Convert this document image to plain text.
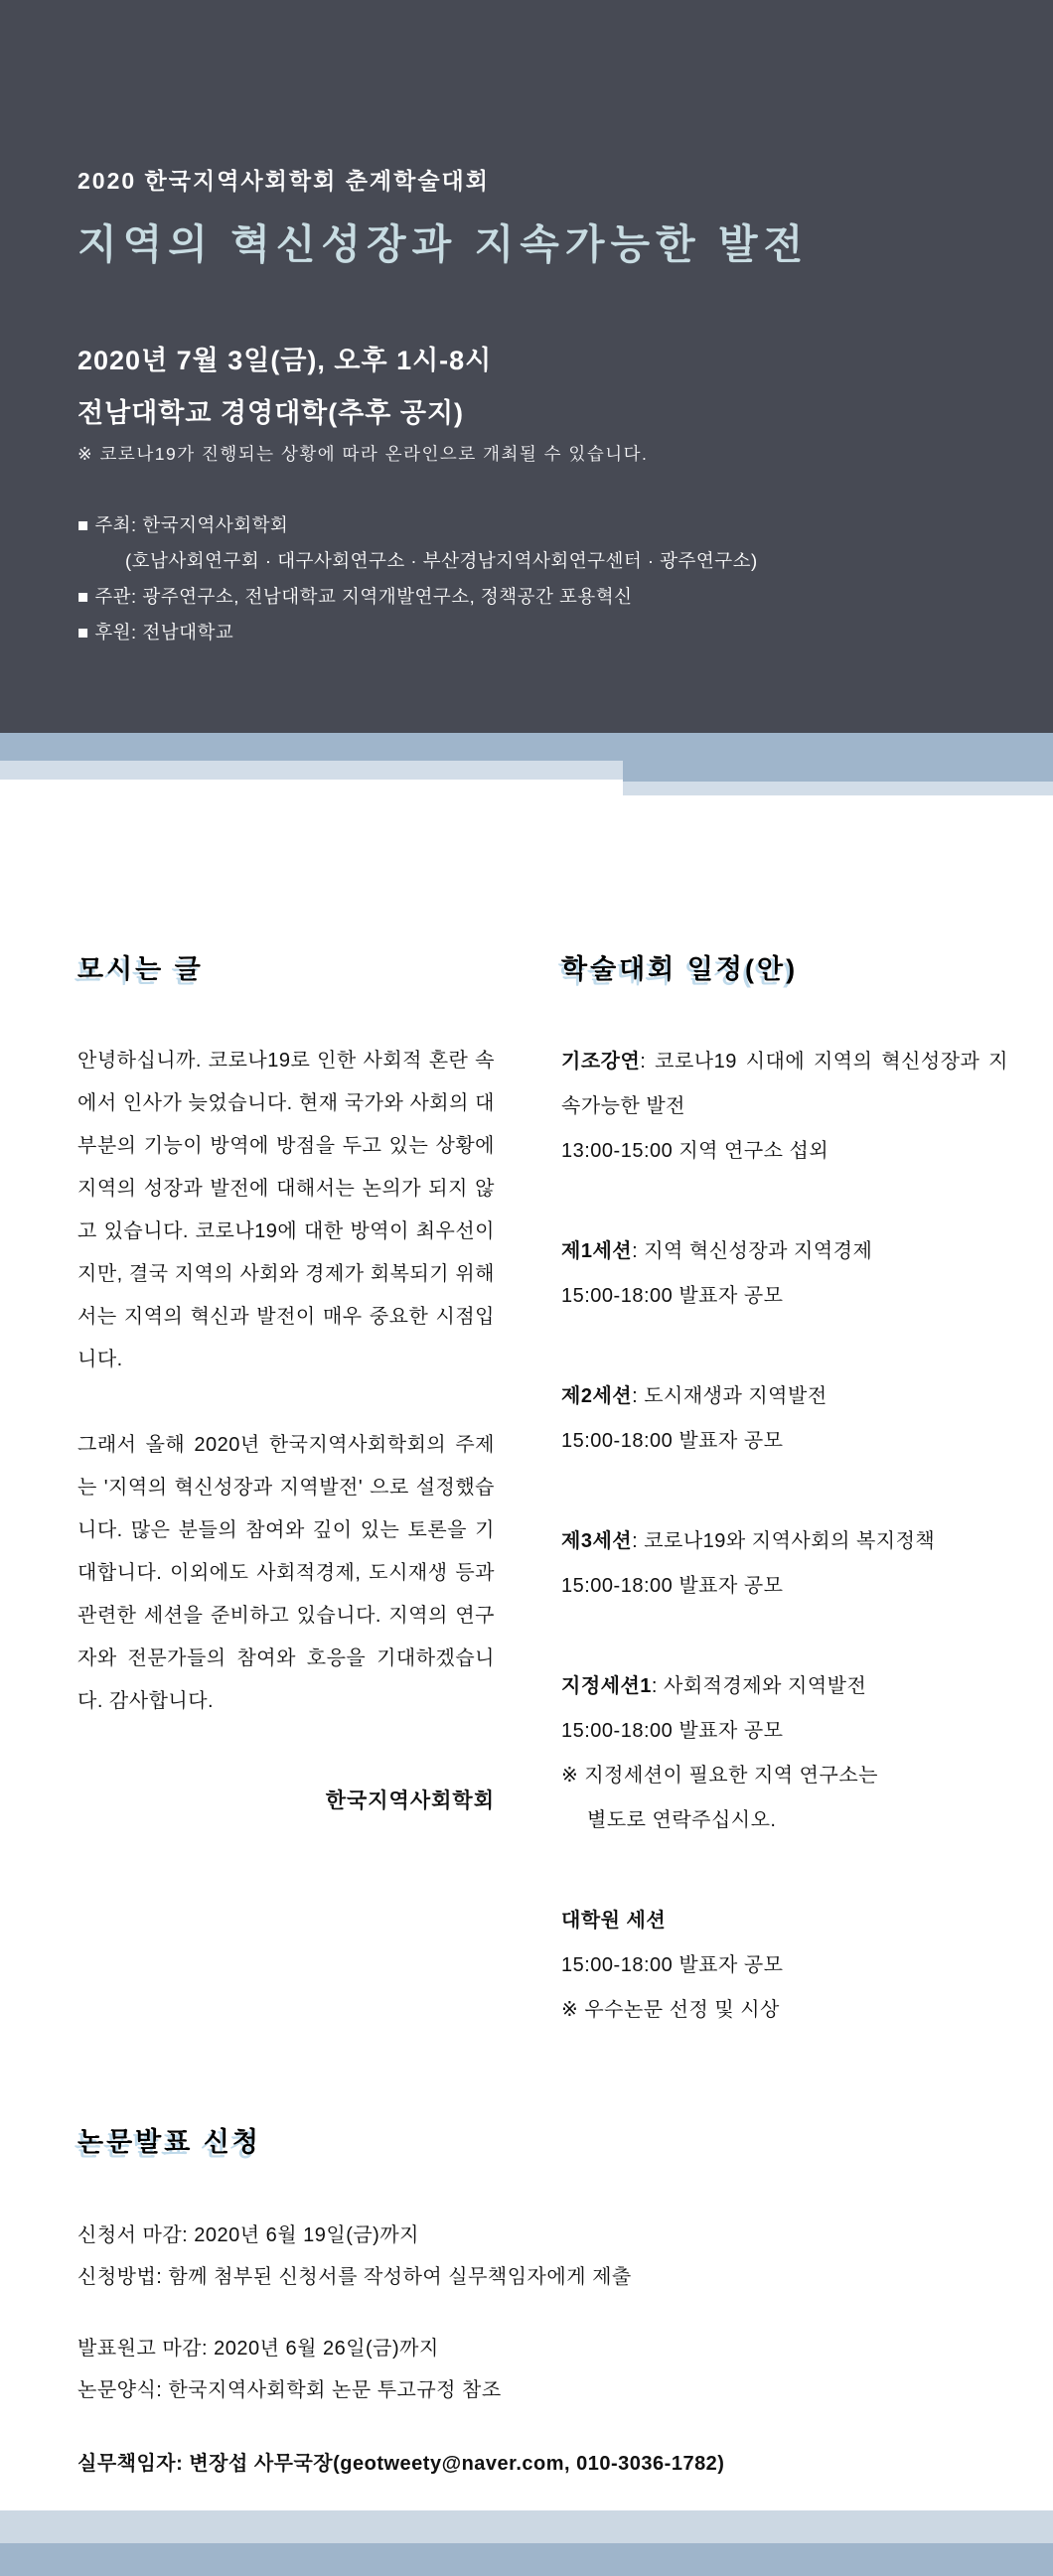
2020 한국지역사회학회 춘계학술대회
지역의 혁신성장과 지속가능한 발전
2020년 7월 3일(금), 오후 1시-8시
전남대학교 경영대학(추후 공지)
※ 코로나19가 진행되는 상황에 따라 온라인으로 개최될 수 있습니다.
■ 주최: 한국지역사회학회
(호남사회연구회 · 대구사회연구소 · 부산경남지역사회연구센터 · 광주연구소)
■ 주관: 광주연구소, 전남대학교 지역개발연구소, 정책공간 포용혁신
■ 후원: 전남대학교
모시는 글

안녕하십니까. 코로나19로 인한 사회적 혼란 속에서 인사가 늦었습니다. 현재 국가와 사회의 대부분의 기능이 방역에 방점을 두고 있는 상황에 지역의 성장과 발전에 대해서는 논의가 되지 않고 있습니다. 코로나19에 대한 방역이 최우선이지만, 결국 지역의 사회와 경제가 회복되기 위해서는 지역의 혁신과 발전이 매우 중요한 시점입니다.

그래서 올해 2020년 한국지역사회학회의 주제는 '지역의 혁신성장과 지역발전' 으로 설정했습니다. 많은 분들의 참여와 깊이 있는 토론을 기대합니다. 이외에도 사회적경제, 도시재생 등과 관련한 세션을 준비하고 있습니다. 지역의 연구자와 전문가들의 참여와 호응을 기대하겠습니다. 감사합니다.

한국지역사회학회
학술대회 일정(안)
기조강연: 코로나19 시대에 지역의 혁신성장과 지속가능한 발전
13:00-15:00 지역 연구소 섭외
제1세션: 지역 혁신성장과 지역경제
15:00-18:00 발표자 공모
제2세션: 도시재생과 지역발전
15:00-18:00 발표자 공모
제3세션: 코로나19와 지역사회의 복지정책
15:00-18:00 발표자 공모
지정세션1: 사회적경제와 지역발전
15:00-18:00 발표자 공모
※ 지정세션이 필요한 지역 연구소는
별도로 연락주십시오.
대학원 세션
15:00-18:00 발표자 공모
※ 우수논문 선정 및 시상
논문발표 신청
신청서 마감: 2020년 6월 19일(금)까지
신청방법: 함께 첨부된 신청서를 작성하여 실무책임자에게 제출
발표원고 마감: 2020년 6월 26일(금)까지
논문양식: 한국지역사회학회 논문 투고규정 참조
실무책임자: 변장섭 사무국장(geotweety@naver.com, 010-3036-1782)
